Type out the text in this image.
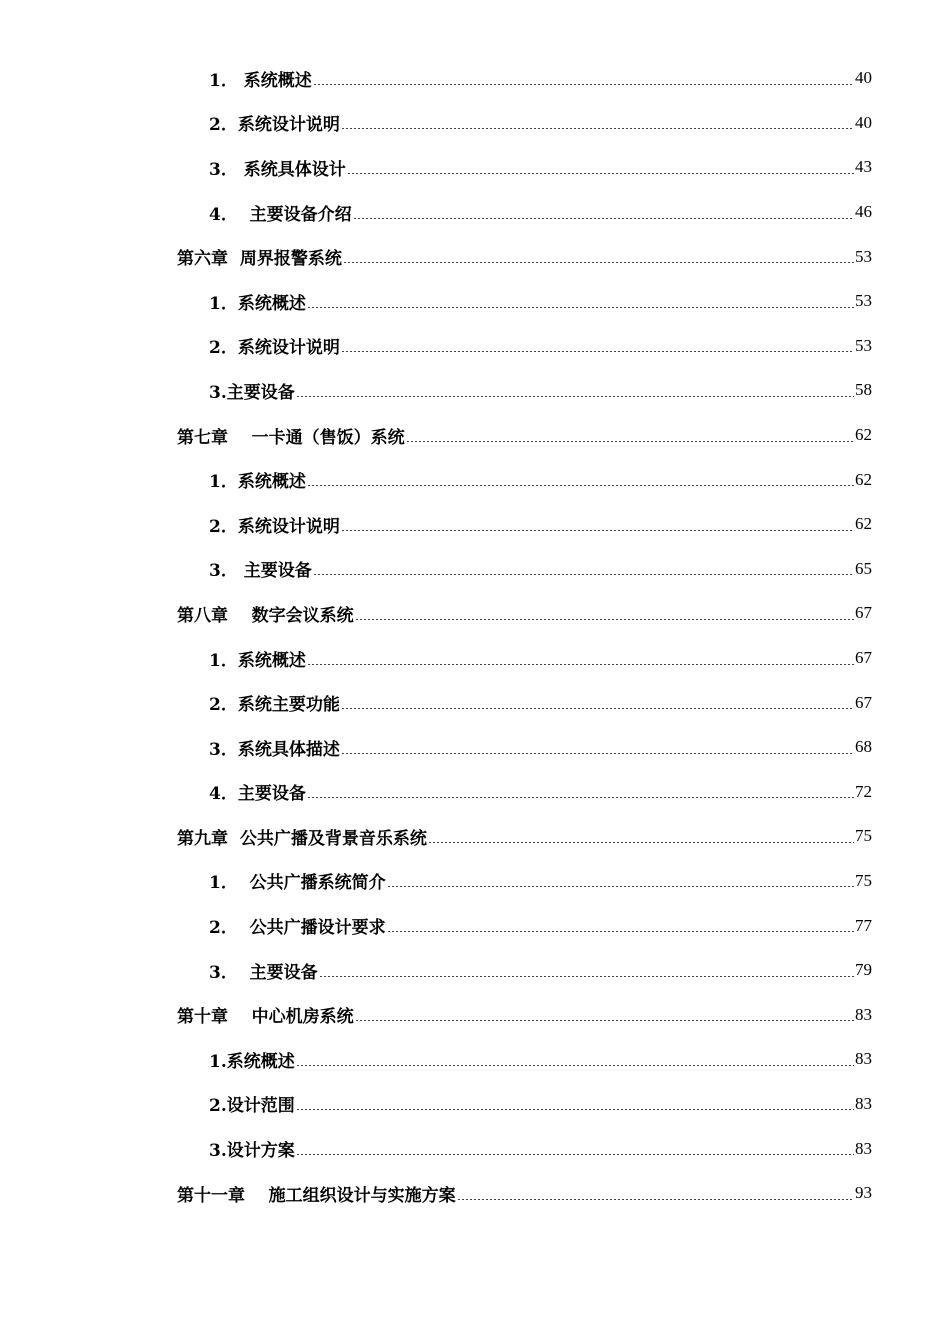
1． 系统概述	40
2．系统设计说明	40
3． 系统具体设计	43
4．  主要设备介绍	46
第六章  周界报警系统	53
1．系统概述	53
2．系统设计说明	53
3.主要设备	58
第七章    一卡通（售饭）系统	62
1．系统概述	62
2．系统设计说明	62
3． 主要设备	65
第八章    数字会议系统	67
1．系统概述	67
2．系统主要功能	67
3．系统具体描述	68
4．主要设备	72
第九章  公共广播及背景音乐系统	75
1．  公共广播系统简介	75
2．  公共广播设计要求	77
3．  主要设备	79
第十章    中心机房系统	83
1.系统概述	83
2.设计范围	83
3.设计方案	83
第十一章    施工组织设计与实施方案	93
